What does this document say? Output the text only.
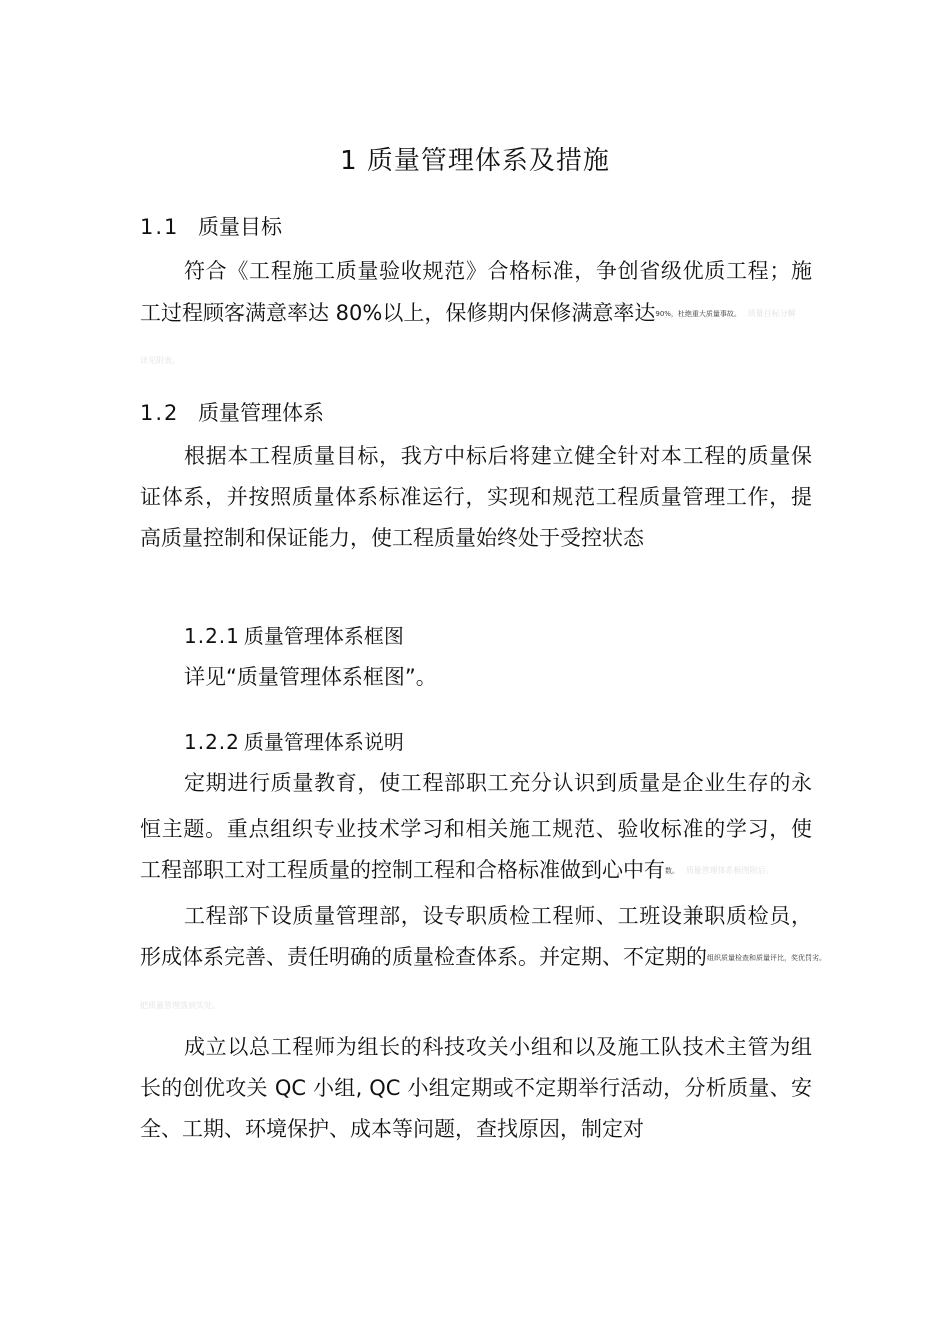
1 质量管理体系及措施
1.1 质量目标
符合《工程施工质量验收规范》合格标准，争创省级优质工程；施
工过程顾客满意率达 80%以上，保修期内保修满意率达90%，杜绝重大质量事故。 质量目标分解
详见附表。
1.2 质量管理体系
根据本工程质量目标，我方中标后将建立健全针对本工程的质量保
证体系，并按照质量体系标准运行，实现和规范工程质量管理工作，提
高质量控制和保证能力，使工程质量始终处于受控状态
1.2.1 质量管理体系框图
详见“质量管理体系框图”。
1.2.2 质量管理体系说明
定期进行质量教育，使工程部职工充分认识到质量是企业生存的永
恒主题。重点组织专业技术学习和相关施工规范、验收标准的学习，使
工程部职工对工程质量的控制工程和合格标准做到心中有数。 质量管理体系框图附后。
工程部下设质量管理部，设专职质检工程师、工班设兼职质检员，
形成体系完善、责任明确的质量检查体系。并定期、不定期的组织质量检查和质量评比，奖优罚劣。
把质量管理落到实处。
成立以总工程师为组长的科技攻关小组和以及施工队技术主管为组
长的创优攻关 QC 小组, QC 小组定期或不定期举行活动，分析质量、安
全、工期、环境保护、成本等问题，查找原因，制定对
